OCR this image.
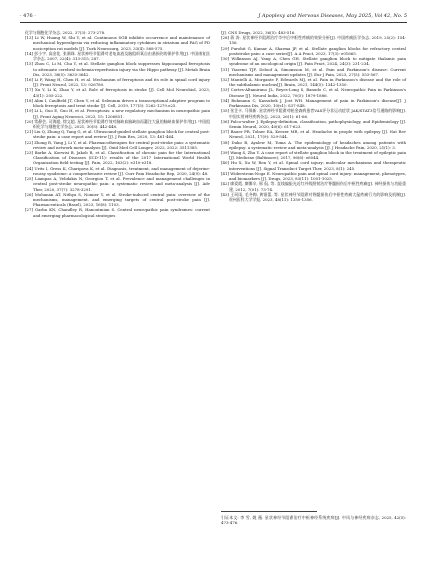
· 476 ·	J Apoplexy and Nervous Diseases, May 2025, Vol 42, No. 5

化学与细胞化学杂志, 2022, 37(3): 273-278.

[13] Li W, Huang W, Shi Y, et al. Continuous SGB inhibits occurrence and maintenance of mechanical hyperalgesia via reducing inflammatory cytokines in striatum and PAG of PD nociception rat models [J]. Turk Neurosurg, 2023, 33(4): 568-575.

[14] 彭小宇, 高金花, 张满珠. 星状神经节阻滞对老龟血液及脑组织氧自由基损伤的保护作用[J]. 中国康复医学杂志, 2007, 22(4): 313-315, 287.

[15] Zhou C, Li M, Chu Y, et al. Stellate ganglion block suppresses hippocampal ferroptosis to attenuate cerebral ischemia-reperfusion injury via the Hippo pathway [J]. Metab Brain Dis, 2023, 38(5): 3633-3642.

[16] Li F, Wang H, Chen H, et al. Mechanism of ferroptosis and its role in spinal cord injury [J]. Front Neurol, 2022, 13: 926780.

[17] Xu Y, Li K, Zhao Y, et al. Role of ferroptosis in stroke [J]. Cell Mol Neurobiol, 2023, 43(1): 205-222.

[18] Alim I, Caulfield JT, Chen Y, et al. Selenium drives a transcriptional adaptive program to block ferroptosis and treat stroke [J]. Cell, 2019, 177(5): 1262-1279.e25.

[19] Li L, Guo E, Guo H, et al. Ferroptosis: a new regulatory mechanism in neuropathic pain [J]. Front Aging Neurosci, 2023, 15: 1206851.

[20] 常静会, 司海超, 徐文超, 星状神经节阻滞疗效对脑缺血脑缺血再灌注大鼠的脑缺血保护作用[J]. 中国组织化学与细胞化学杂志, 2021, 30(5): 442-448.

[21] Liu Q, Zhong Q, Tang G, et al. Ultrasound-guided stellate ganglion block for central post-stroke pain: a case report and review [J]. J Pain Res, 2020, 13: 461-464.

[22] Zhong R, Yang J, Li Y, et al. Pharmacotherapies for central post-stroke pain: a systematic review and network meta-analysis [J]. Oxid Med Cell Longev, 2022, 2022: 3511385.

[23] Barke A, Korwisi B, Jakob R, et al. Classification of chronic pain for the International Classification of Diseases (ICD-11): results of the 2017 International World Health Organization field testing [J]. Pain, 2022, 163(2): e310-e318.

[24] Urits I, Gress K, Charipova K, et al. Diagnosis, treatment, and management of dejerine-roussy syndrome: a comprehensive review [J]. Curr Pain Headache Rep, 2020, 24(9): 48.

[25] Liampas A, Velidakis N, Georgiou T, et al. Prevalence and management challenges in central post-stroke neuropathic pain: a systematic review and meta-analysis [J]. Adv Ther, 2020, 37(7): 3278-3291.

[26] Mohanan AT, Nithya S, Nomier Y, et al. Stroke-induced central pain: overview of the mechanisms, management, and emerging targets of central post-stroke pain [J]. Pharmaceuticals (Basel), 2023, 16(8): 1103.

[27] Garba KN, Chandley R, Hanoutmian S. Central neuropathic pain syndromes: current and emerging pharmacological strategies

[J]. CNS Drugs, 2022, 36(5): 483-516.

[28] 蒋 涛. 星状神经节阻滞治疗卒中后中枢性疼痛的效果分析[J]. 中国疼痛医学杂志, 2019, 25(2): 154-156.

[29] Purohit G, Kumar A, Sharma JP, et al. Stellate ganglion blocks for refractory central poststroke pain: a case series[J]. A A Pract, 2023, 17(3): e01665.

[30] Wilkinson AJ, Yang A, Chen GH. Stellate ganglion block to mitigate thalamic pain syndrome of an oncological origin [J]. Pain Pract, 2024, 24(3): 231-234.

[31] Yiasemi TJF, Deloof A, Simonsson M, et al. Pain and Parkinson's disease: Current mechanisms and management updates [J]. Eur J Pain, 2023, 27(5): 553-567.

[32] Mantelli A, Morgante F, Edwards MJ, et al. Pain in Parkinson's disease and the role of the subthalamic nucleus[J]. Brain, 2021, 144(5): 1342-1350.

[33] Cortes-Altamirano JL, Reyes-Long S, Banudo C, et al. Neuropathic Pain in Parkinson's Disease [J]. Neurol India, 2022, 70(5): 1879-1886.

[34] Buhmann C, Kassubek J, Jost WH. Management of pain in Parkinson's disease[J]. J Parkinsons Dis, 2020, 10(s1): S37-S48.

[35] 张芷卡, 马保新. 星状神经节阻滞对帕金森病患者VAS评分非运动症状 JAK/STAT3信号通路的影响[J]. 中国实用神经疾病杂志, 2023, 26(1): 61-66.

[36] Falco-walter J. Epilepsy-definition, classification, pathophysiology, and Epidemiology [J]. Semin Neurol, 2020, 40(6): 617-623.

[37] Bauer PR, Tolner EA, Keezer MR, et al. Headache in people with epilepsy [J]. Nat Rev Neurol, 2021, 17(9): 529-544.

[38] Duko B, Ayalew M, Toma A. The epidemiology of headaches among patients with epilepsy: a systematic review and meta-analysis [J]. J Headache Pain, 2020, 21(1): 3.

[39] Wang S, Zhu Y. A case report of stellate ganglion block in the treatment of epileptic pain [J]. Medicine (Baltimore), 2017, 96(6): e6044.

[40] Hu X, Xu W, Ren Y, et al. Spinal cord injury: molecular mechanisms and therapeutic interventions [J]. Signal Transduct Target Ther, 2023, 8(1): 245.

[41] Widerstrom-Noga E. Neuropathic pain and spinal cord injury: management, phenotypes, and biomarkers [J]. Drugs, 2023, 83(11): 1001-1025.

[42] 廖爱霞, 廖娜辛, 邢 侃, 等. 直线偏振光近红外线照射治疗脊髓损伤后中枢性疼痛[J]. 神经损伤与功能重建, 2012, 7(01): 73-74.

[43] 王珂雨, 毛冬梅, 黄银蕾, 等. 星状神经节阻滞对脊髓损伤后中枢性疼痛大鼠疼痛行为的影响及机制[J]. 贵州医科大学学报, 2023, 48(11): 1350-1356.

引证本文: 李 雪, 姚 薇. 星状神经节阻滞治疗中枢神经系统疾病[J]. 中风与神经疾病杂志, 2025, 42(5): 473-476.
